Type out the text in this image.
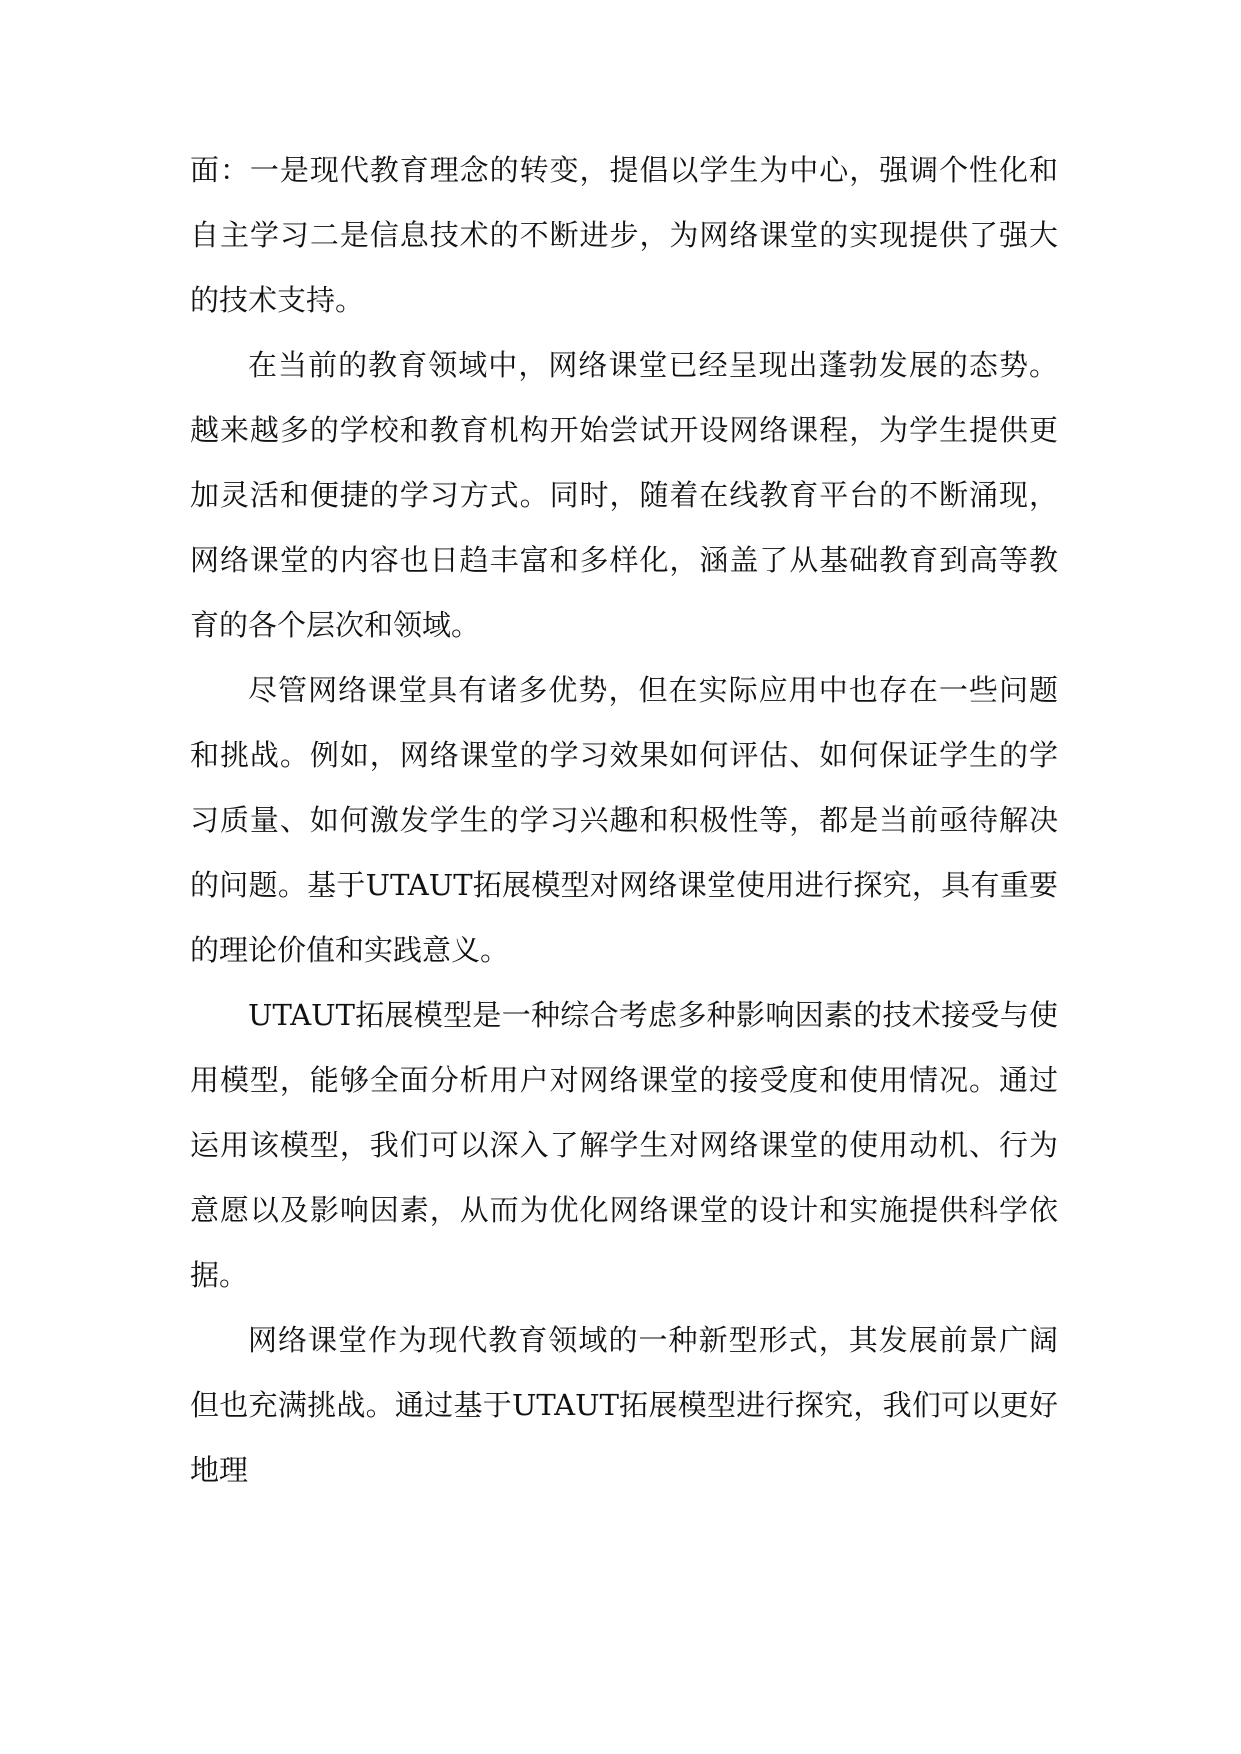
面：一是现代教育理念的转变，提倡以学生为中心，强调个性化和自主学习二是信息技术的不断进步，为网络课堂的实现提供了强大的技术支持。

在当前的教育领域中，网络课堂已经呈现出蓬勃发展的态势。越来越多的学校和教育机构开始尝试开设网络课程，为学生提供更加灵活和便捷的学习方式。同时，随着在线教育平台的不断涌现，网络课堂的内容也日趋丰富和多样化，涵盖了从基础教育到高等教育的各个层次和领域。

尽管网络课堂具有诸多优势，但在实际应用中也存在一些问题和挑战。例如，网络课堂的学习效果如何评估、如何保证学生的学习质量、如何激发学生的学习兴趣和积极性等，都是当前亟待解决的问题。基于UTAUT拓展模型对网络课堂使用进行探究，具有重要的理论价值和实践意义。

UTAUT拓展模型是一种综合考虑多种影响因素的技术接受与使用模型，能够全面分析用户对网络课堂的接受度和使用情况。通过运用该模型，我们可以深入了解学生对网络课堂的使用动机、行为意愿以及影响因素，从而为优化网络课堂的设计和实施提供科学依据。

网络课堂作为现代教育领域的一种新型形式，其发展前景广阔但也充满挑战。通过基于UTAUT拓展模型进行探究，我们可以更好地理
